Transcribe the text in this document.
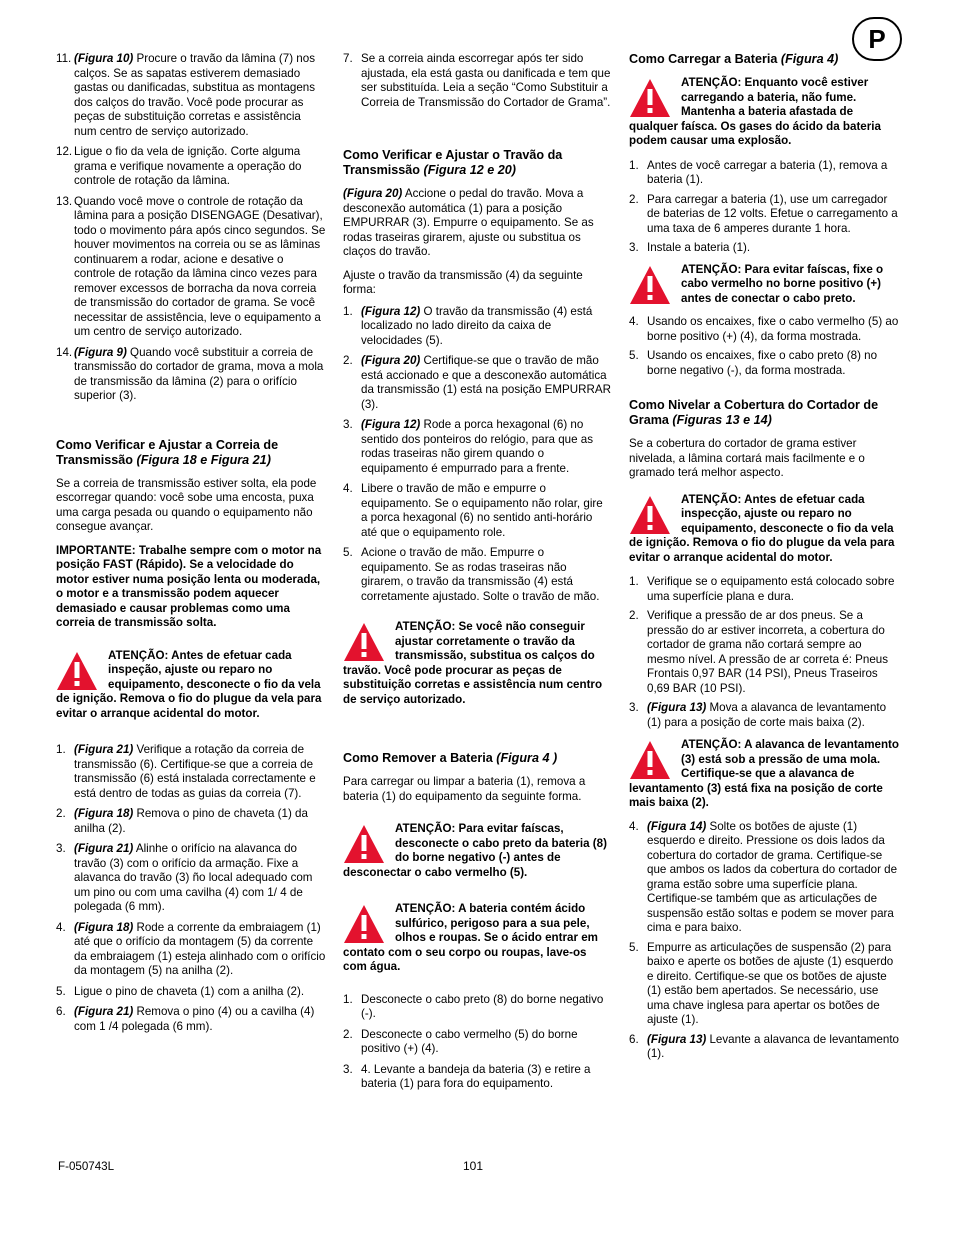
P
11. (Figura 10) Procure o travão da lâmina (7) nos calços. Se as sapatas estiverem demasiado gastas ou danificadas, substitua as montagens dos calços do travão. Você pode procurar as peças de substituição corretas e assistência num centro de serviço autorizado.
12. Ligue o fio da vela de ignição. Corte alguma grama e verifique novamente a operação do controle de rotação da lâmina.
13. Quando você move o controle de rotação da lâmina para a posição DISENGAGE (Desativar), todo o movimento pára após cinco segundos. Se houver movimentos na correia ou se as lâminas continuarem a rodar, acione e desative o controle de rotação da lâmina cinco vezes para remover excessos de borracha da nova correia de transmissão do cortador de grama. Se você necessitar de assistência, leve o equipamento a um centro de serviço autorizado.
14. (Figura 9) Quando você substituir a correia de transmissão do cortador de grama, mova a mola de transmissão da lâmina (2) para o orifício superior (3).
Como Verificar e Ajustar a Correia de Transmissão (Figura 18 e Figura 21)

Se a correia de transmissão estiver solta, ela pode escorregar quando: você sobe uma encosta, puxa uma carga pesada ou quando o equipamento não consegue avançar.

IMPORTANTE: Trabalhe sempre com o motor na posição FAST (Rápido). Se a velocidade do motor estiver numa posição lenta ou moderada, o motor e a transmissão podem aquecer demasiado e causar problemas como uma correia de transmissão solta.

ATENÇÃO: Antes de efetuar cada inspeção, ajuste ou reparo no equipamento, desconecte o fio da vela de ignição. Remova o fio do plugue da vela para evitar o arranque acidental do motor.
1. (Figura 21) Verifique a rotação da correia de transmissão (6). Certifique-se que a correia de transmissão (6) está instalada correctamente e está dentro de todas as guias da correia (7).
2. (Figura 18) Remova o pino de chaveta (1) da anilha (2).
3. (Figura 21) Alinhe o orifício na alavanca do travão (3) com o orifício da armação. Fixe a alavanca do travão (3) ño local adequado com um pino ou com uma cavilha (4) com 1/ 4 de polegada (6 mm).
4. (Figura 18) Rode a corrente da embraiagem (1) até que o orifício da montagem (5) da corrente da embraiagem (1) esteja alinhado com o orifício da montagem (5) na anilha (2).
5. Ligue o pino de chaveta (1) com a anilha (2).
6. (Figura 21) Remova o pino (4) ou a cavilha (4) com 1 /4 polegada (6 mm).
7. Se a correia ainda escorregar após ter sido ajustada, ela está gasta ou danificada e tem que ser substituída. Leia a seção “Como Substituir a Correia de Transmissão do Cortador de Grama”.
Como Verificar e Ajustar o Travão da Transmissão (Figura 12 e 20)

(Figura 20) Accione o pedal do travão. Mova a desconexão automática (1) para a posição EMPURRAR (3). Empurre o equipamento. Se as rodas traseiras girarem, ajuste ou substitua os claços do travão.

Ajuste o travão da transmissão (4) da seguinte forma:

1. (Figura 12) O travão da transmissão (4) está localizado no lado direito da caixa de velocidades (5).
2. (Figura 20) Certifique-se que o travão de mão está accionado e que a desconexão automática da transmissão (1) está na posição EMPURRAR (3).
3. (Figura 12) Rode a porca hexagonal (6) no sentido dos ponteiros do relógio, para que as rodas traseiras não girem quando o equipamento é empurrado para a frente.
4. Libere o travão de mão e empurre o equipamento. Se o equipamento não rolar, gire a porca hexagonal (6) no sentido anti-horário até que o equipamento role.
5. Acione o travão de mão. Empurre o equipamento. Se as rodas traseiras não girarem, o travão da transmissão (4) está corretamente ajustado. Solte o travão de mão.
ATENÇÃO: Se você não conseguir ajustar corretamente o travão da transmissão, substitua os calços do travão. Você pode procurar as peças de substituição corretas e assistência num centro de serviço autorizado.
Como Remover a Bateria (Figura 4 )

Para carregar ou limpar a bateria (1), remova a bateria (1) do equipamento da seguinte forma.

ATENÇÃO: Para evitar faíscas, desconecte o cabo preto da bateria (8) do borne negativo (-) antes de desconectar o cabo vermelho (5).
ATENÇÃO: A bateria contém ácido sulfúrico, perigoso para a sua pele, olhos e roupas. Se o ácido entrar em contato com o seu corpo ou roupas, lave-os com água.
1. Desconecte o cabo preto (8) do borne negativo (-).
2. Desconecte o cabo vermelho (5) do borne positivo (+) (4).
3. 4. Levante a bandeja da bateria (3) e retire a bateria (1) para fora do equipamento.
Como Carregar a Bateria (Figura 4)
ATENÇÃO: Enquanto você estiver carregando a bateria, não fume. Mantenha a bateria afastada de qualquer faísca. Os gases do ácido da bateria podem causar uma explosão.
1. Antes de você carregar a bateria (1), remova a bateria (1).
2. Para carregar a bateria (1), use um carregador de baterias de 12 volts. Efetue o carregamento a uma taxa de 6 amperes durante 1 hora.
3. Instale a bateria (1).
ATENÇÃO: Para evitar faíscas, fixe o cabo vermelho no borne positivo (+) antes de conectar o cabo preto.
4. Usando os encaixes, fixe o cabo vermelho (5) ao borne positivo (+) (4), da forma mostrada.
5. Usando os encaixes, fixe o cabo preto (8) no borne negativo (-), da forma mostrada.
Como Nivelar a Cobertura do Cortador de Grama (Figuras 13 e 14)

Se a cobertura do cortador de grama estiver nivelada, a lâmina cortará mais facilmente e o gramado terá melhor aspecto.

ATENÇÃO: Antes de efetuar cada inspecção, ajuste ou reparo no equipamento, desconecte o fio da vela de ignição. Remova o fio do plugue da vela para evitar o arranque acidental do motor.
1. Verifique se o equipamento está colocado sobre uma superfície plana e dura.
2. Verifique a pressão de ar dos pneus. Se a pressão do ar estiver incorreta, a cobertura do cortador de grama não cortará sempre ao mesmo nível. A pressão de ar correta é: Pneus Frontais 0,97 BAR (14 PSI), Pneus Traseiros 0,69 BAR (10 PSI).
3. (Figura 13) Mova a alavanca de levantamento (1) para a posição de corte mais baixa (2).
ATENÇÃO: A alavanca de levantamento (3) está sob a pressão de uma mola. Certifique-se que a alavanca de levantamento (3) está fixa na posição de corte mais baixa (2).
4. (Figura 14) Solte os botões de ajuste (1) esquerdo e direito. Pressione os dois lados da cobertura do cortador de grama. Certifique-se que ambos os lados da cobertura do cortador de grama estão sobre uma superfície plana. Certifique-se também que as articulações de suspensão estão soltas e podem se mover para cima e para baixo.
5. Empurre as articulações de suspensão (2) para baixo e aperte os botões de ajuste (1) esquerdo e direito. Certifique-se que os botões de ajuste (1) estão bem apertados. Se necessário, use uma chave inglesa para apertar os botões de ajuste (1).
6. (Figura 13) Levante a alavanca de levantamento (1).
F-050743L	101
